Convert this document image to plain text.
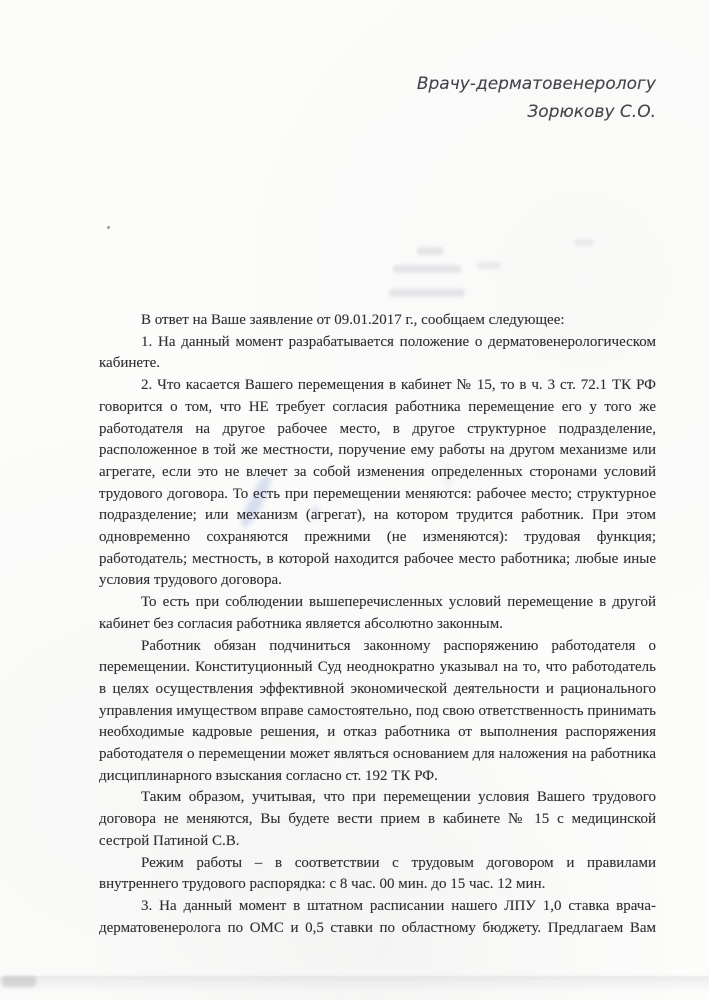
Врачу-дерматовенерологу
Зорюкову С.О.

В ответ на Ваше заявление от 09.01.2017 г., сообщаем следующее:

1. На данный момент разрабатывается положение о дерматовенерологическом кабинете.

2. Что касается Вашего перемещения в кабинет № 15, то в ч. 3 ст. 72.1 ТК РФ говорится о том, что НЕ требует согласия работника перемещение его у того же работодателя на другое рабочее место, в другое структурное подразделение, расположенное в той же местности, поручение ему работы на другом механизме или агрегате, если это не влечет за собой изменения определенных сторонами условий трудового договора. То есть при перемещении меняются: рабочее место; структурное подразделение; или механизм (агрегат), на котором трудится работник. При этом одновременно сохраняются прежними (не изменяются): трудовая функция; работодатель; местность, в которой находится рабочее место работника; любые иные условия трудового договора.

То есть при соблюдении вышеперечисленных условий перемещение в другой кабинет без согласия работника является абсолютно законным.

Работник обязан подчиниться законному распоряжению работодателя о перемещении. Конституционный Суд неоднократно указывал на то, что работодатель в целях осуществления эффективной экономической деятельности и рационального управления имуществом вправе самостоятельно, под свою ответственность принимать необходимые кадровые решения, и отказ работника от выполнения распоряжения работодателя о перемещении может являться основанием для наложения на работника дисциплинарного взыскания согласно ст. 192 ТК РФ.

Таким образом, учитывая, что при перемещении условия Вашего трудового договора не меняются, Вы будете вести прием в кабинете № 15 с медицинской сестрой Патиной С.В.

Режим работы – в соответствии с трудовым договором и правилами внутреннего трудового распорядка: с 8 час. 00 мин. до 15 час. 12 мин.

3. На данный момент в штатном расписании нашего ЛПУ 1,0 ставка врача-дерматовенеролога по ОМС и 0,5 ставки по областному бюджету. Предлагаем Вам
